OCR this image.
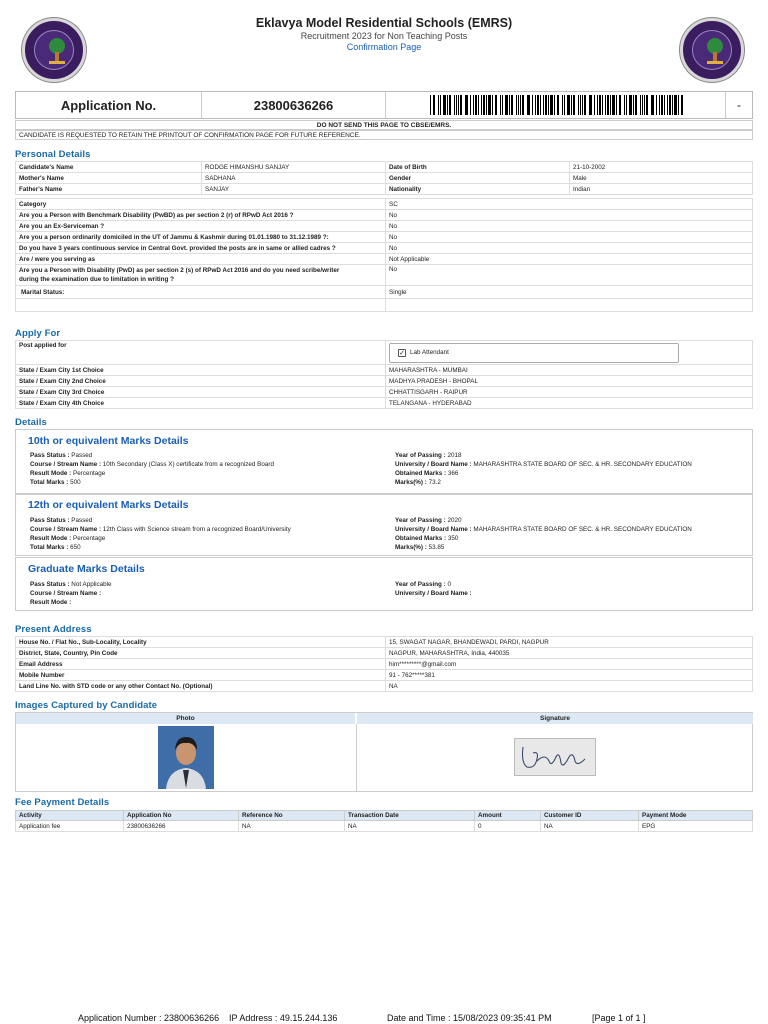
Eklavya Model Residential Schools (EMRS)
Recruitment 2023 for Non Teaching Posts
Confirmation Page
Application No.	23800636266	-
DO NOT SEND THIS PAGE TO CBSE/EMRS.
CANDIDATE IS REQUESTED TO RETAIN THE PRINTOUT OF CONFIRMATION PAGE FOR FUTURE REFERENCE.
Personal Details
Candidate's Name	RODGE HIMANSHU SANJAY	Date of Birth	21-10-2002
Mother's Name	SADHANA	Gender	Male
Father's Name	SANJAY	Nationality	Indian
Category	SC
Are you a Person with Benchmark Disability (PwBD) as per section 2 (r) of RPwD Act 2016 ?	No
Are you an Ex-Serviceman ?	No
Are you a person ordinarily domiciled in the UT of Jammu & Kashmir during 01.01.1980 to 31.12.1989 ?:	No
Do you have 3 years continuous service in Central Govt. provided the posts are in same or allied cadres ?	No
Are / were you serving as	Not Applicable
Are you a Person with Disability (PwD) as per section 2 (s) of RPwD Act 2016 and do you need scribe/writer
during the examination due to limitation in writing ?	No
Marital Status:	Single

Apply For
Post applied for	✓ Lab Attendant

State / Exam City 1st Choice	MAHARASHTRA - MUMBAI
State / Exam City 2nd Choice	MADHYA PRADESH - BHOPAL
State / Exam City 3rd Choice	CHHATTISGARH - RAIPUR
State / Exam City 4th Choice	TELANGANA - HYDERABAD
Details
10th or equivalent Marks Details
Pass Status : Passed
Course / Stream Name : 10th Secondary (Class X) certificate from a recognized Board
Result Mode : Percentage
Total Marks : 500
Year of Passing : 2018
University / Board Name : MAHARASHTRA STATE BOARD OF SEC. & HR. SECONDARY EDUCATION
Obtained Marks : 366
Marks(%) : 73.2
12th or equivalent Marks Details
Pass Status : Passed
Course / Stream Name : 12th Class with Science stream from a recognized Board/University
Result Mode : Percentage
Total Marks : 650
Year of Passing : 2020
University / Board Name : MAHARASHTRA STATE BOARD OF SEC. & HR. SECONDARY EDUCATION
Obtained Marks : 350
Marks(%) : 53.85
Graduate Marks Details
Pass Status : Not Applicable
Course / Stream Name :
Result Mode :
Year of Passing : 0
University / Board Name :
Present Address
House No. / Flat No., Sub-Locality, Locality	15, SWAGAT NAGAR, BHANDEWADI, PARDI, NAGPUR
District, State, Country, Pin Code	NAGPUR, MAHARASHTRA, India, 440035
Email Address	him*********@gmail.com
Mobile Number	91 - 762*****381
Land Line No. with STD code or any other Contact No. (Optional)	NA
Images Captured by Candidate
Photo	Signature
Fee Payment Details
Activity	Application No	Reference No	Transaction Date	Amount	Customer ID	Payment Mode
Application fee	23800636266	NA	NA	0	NA	EPG
Application Number : 23800636266 IP Address : 49.15.244.136	Date and Time : 15/08/2023 09:35:41 PM	[Page 1 of 1 ]
